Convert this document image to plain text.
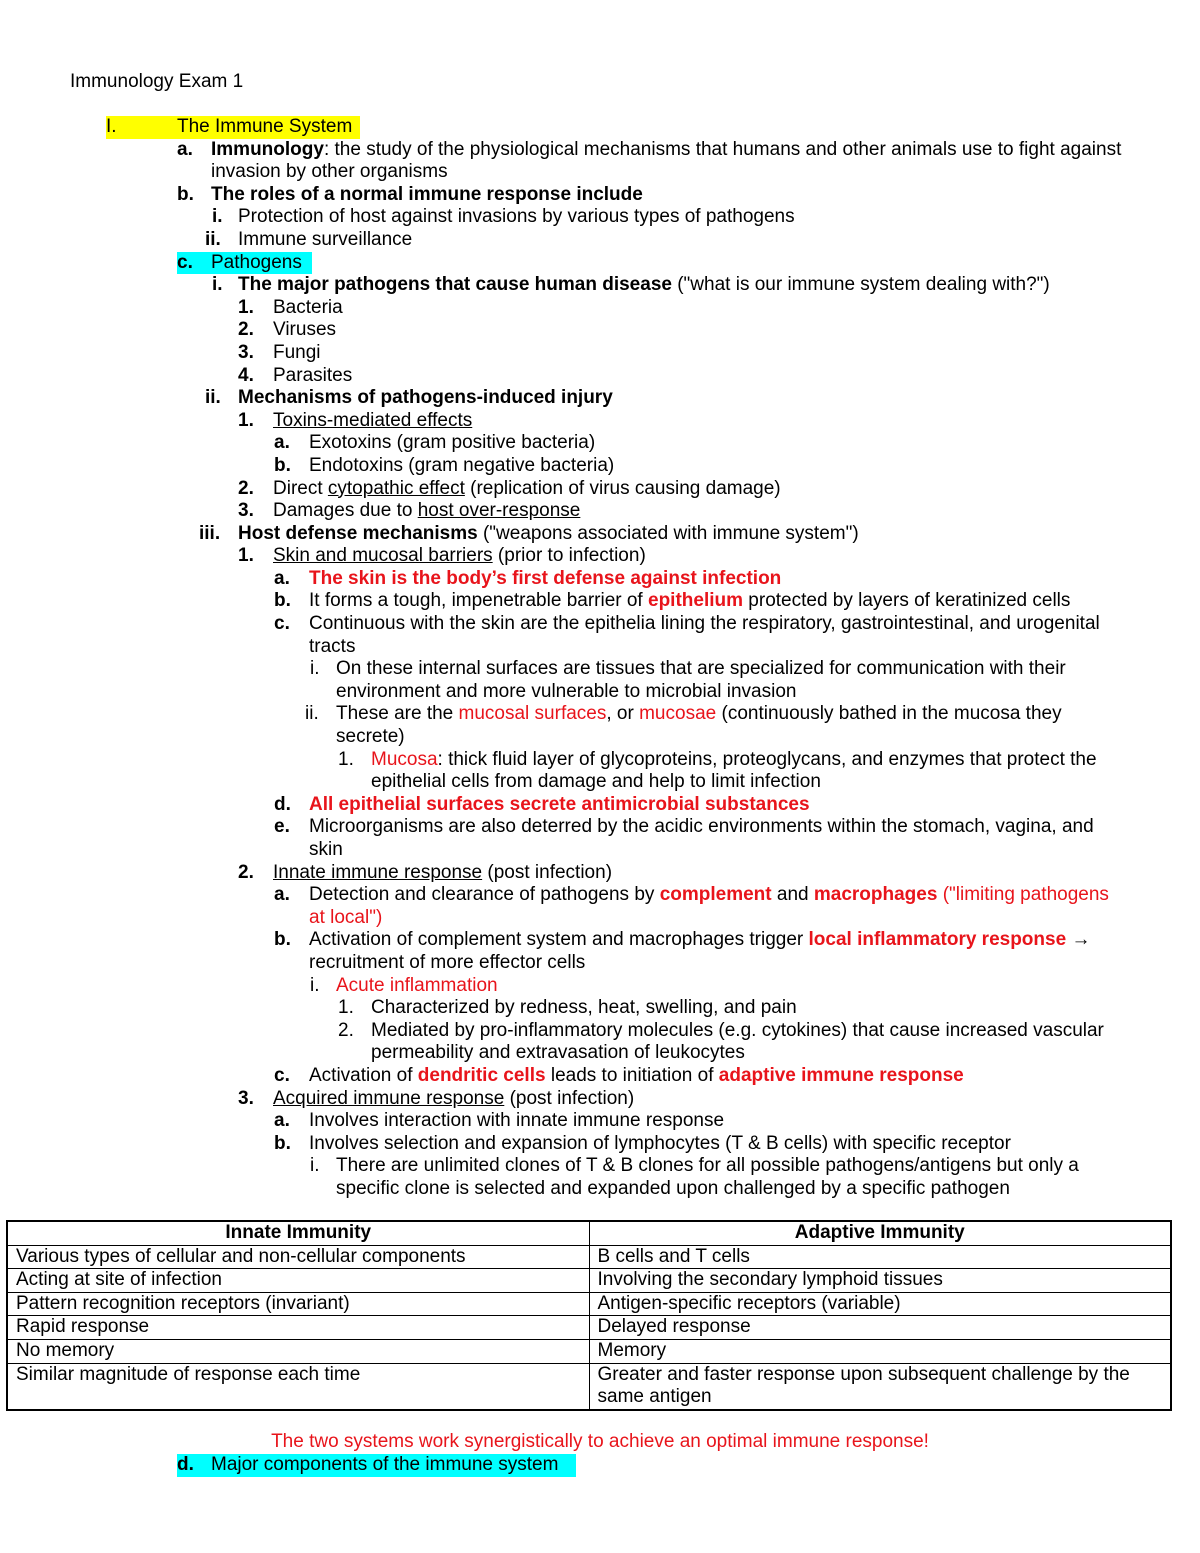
Immunology Exam 1
I.	The Immune System
a. Immunology: the study of the physiological mechanisms that humans and other animals use to fight against invasion by other organisms
b. The roles of a normal immune response include
i. Protection of host against invasions by various types of pathogens
ii. Immune surveillance
c. Pathogens
i. The major pathogens that cause human disease ("what is our immune system dealing with?")
1. Bacteria
2. Viruses
3. Fungi
4. Parasites
ii. Mechanisms of pathogens-induced injury
1. Toxins-mediated effects
a. Exotoxins (gram positive bacteria)
b. Endotoxins (gram negative bacteria)
2. Direct cytopathic effect (replication of virus causing damage)
3. Damages due to host over-response
iii. Host defense mechanisms ("weapons associated with immune system")
1. Skin and mucosal barriers (prior to infection)
a. The skin is the body’s first defense against infection
b. It forms a tough, impenetrable barrier of epithelium protected by layers of keratinized cells
c. Continuous with the skin are the epithelia lining the respiratory, gastrointestinal, and urogenital tracts
i. On these internal surfaces are tissues that are specialized for communication with their environment and more vulnerable to microbial invasion
ii. These are the mucosal surfaces, or mucosae (continuously bathed in the mucosa they secrete)
1. Mucosa: thick fluid layer of glycoproteins, proteoglycans, and enzymes that protect the epithelial cells from damage and help to limit infection
d. All epithelial surfaces secrete antimicrobial substances
e. Microorganisms are also deterred by the acidic environments within the stomach, vagina, and skin
2. Innate immune response (post infection)
a. Detection and clearance of pathogens by complement and macrophages ("limiting pathogens at local")
b. Activation of complement system and macrophages trigger local inflammatory response → recruitment of more effector cells
i. Acute inflammation
1. Characterized by redness, heat, swelling, and pain
2. Mediated by pro-inflammatory molecules (e.g. cytokines) that cause increased vascular permeability and extravasation of leukocytes
c. Activation of dendritic cells leads to initiation of adaptive immune response
3. Acquired immune response (post infection)
a. Involves interaction with innate immune response
b. Involves selection and expansion of lymphocytes (T & B cells) with specific receptor
i. There are unlimited clones of T & B clones for all possible pathogens/antigens but only a specific clone is selected and expanded upon challenged by a specific pathogen
Innate Immunity	Adaptive Immunity
Various types of cellular and non-cellular components	B cells and T cells
Acting at site of infection	Involving the secondary lymphoid tissues
Pattern recognition receptors (invariant)	Antigen-specific receptors (variable)
Rapid response	Delayed response
No memory	Memory
Similar magnitude of response each time	Greater and faster response upon subsequent challenge by the same antigen
The two systems work synergistically to achieve an optimal immune response!
d. Major components of the immune system
